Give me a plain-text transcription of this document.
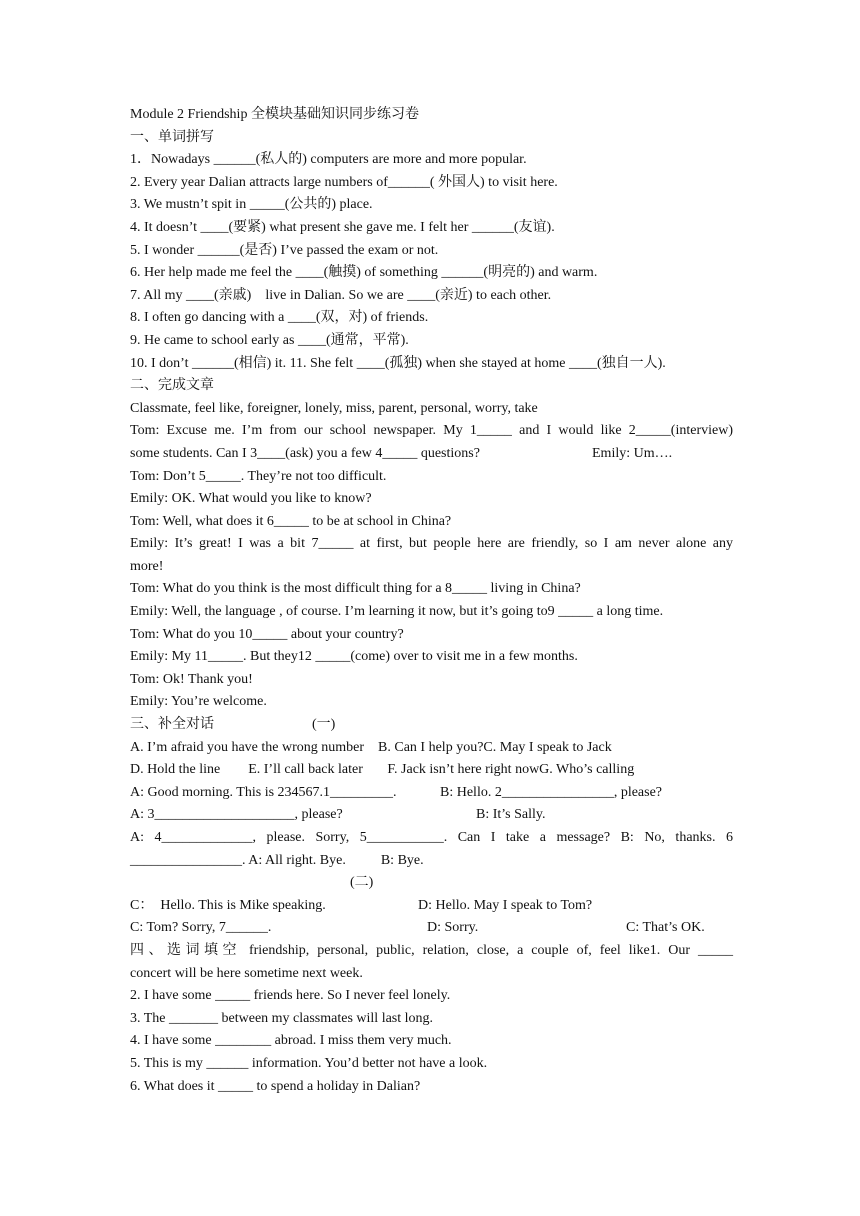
Module 2 Friendship 全模块基础知识同步练习卷
一、单词拼写
1．Nowadays ______(私人的) computers are more and more popular.
2. Every year Dalian attracts large numbers of______( 外国人) to visit here.
3. We mustn’t spit in _____(公共的) place.
4. It doesn’t ____(要紧) what present she gave me. I felt her ______(友谊).
5. I wonder ______(是否) I’ve passed the exam or not.
6. Her help made me feel the ____(触摸) of something ______(明亮的) and warm.
7. All my ____(亲戚)    live in Dalian. So we are ____(亲近) to each other.
8. I often go dancing with a ____(双，对) of friends.
9. He came to school early as ____(通常，平常).
10. I don’t ______(相信) it. 11. She felt ____(孤独) when she stayed at home ____(独自一人).
二、完成文章
Classmate, feel like, foreigner, lonely, miss, parent, personal, worry, take
Tom: Excuse me. I’m from our school newspaper. My 1_____ and I would like 2_____(interview)
some students. Can I 3____(ask) you a few 4_____ questions?	Emily: Um….
Tom: Don’t 5_____. They’re not too difficult.
Emily: OK. What would you like to know?
Tom: Well, what does it 6_____ to be at school in China?
Emily: It’s great! I was a bit 7_____ at first, but people here are friendly, so I am never alone any
more!
Tom: What do you think is the most difficult thing for a 8_____ living in China?
Emily: Well, the language , of course. I’m learning it now, but it’s going to9 _____ a long time.
Tom: What do you 10_____ about your country?
Emily: My 11_____. But they12 _____(come) over to visit me in a few months.
Tom: Ok! Thank you!
Emily: You’re welcome.
三、补全对话	(一)
A. I’m afraid you have the wrong number    B. Can I help you?C. May I speak to Jack
D. Hold the line        E. I’ll call back later       F. Jack isn’t here right nowG. Who’s calling
A: Good morning. This is 234567.1_________.	B: Hello. 2________________, please?
A: 3____________________, please?	B: It’s Sally.
A: 4_____________, please. Sorry, 5___________. Can I take a message? B: No, thanks. 6
________________. A: All right. Bye.          B: Bye.
(二)
C：  Hello. This is Mike speaking.	D: Hello. May I speak to Tom?
C: Tom? Sorry, 7______.	D: Sorry.	C: That’s OK.
四、选词填空 friendship, personal, public, relation, close, a couple of, feel like1. Our _____
concert will be here sometime next week.
2. I have some _____ friends here. So I never feel lonely.
3. The _______ between my classmates will last long.
4. I have some ________ abroad. I miss them very much.
5. This is my ______ information. You’d better not have a look.
6. What does it _____ to spend a holiday in Dalian?
